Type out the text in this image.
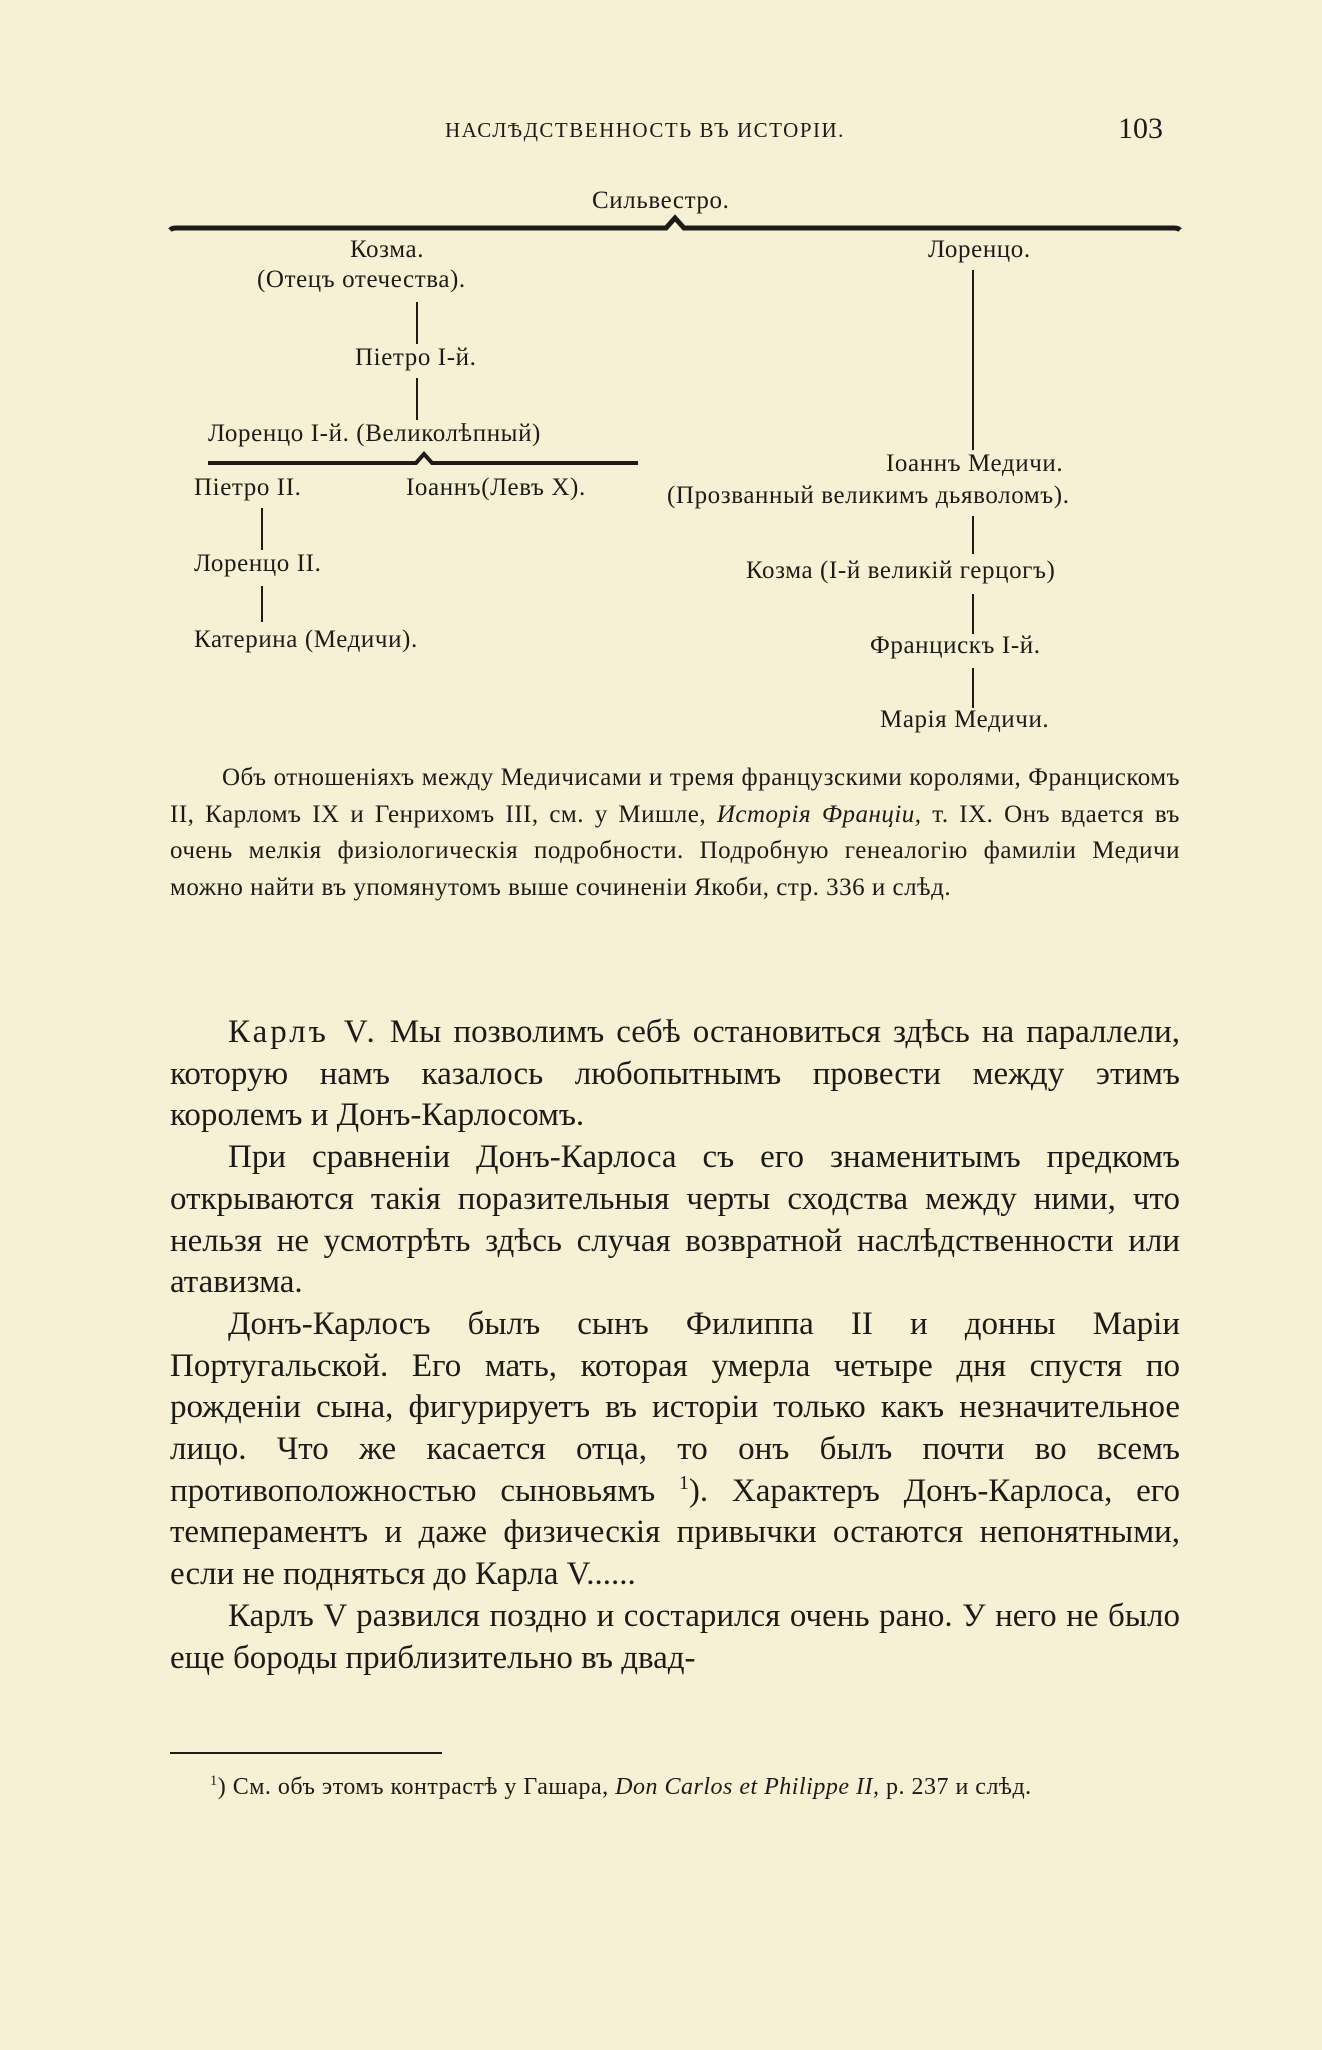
НАСЛѢДСТВЕННОСТЬ ВЪ ИСТОРІИ.	103
Сильвестро.
Козма.
(Отецъ отечества).
Піетро I-й.
Лоренцо I-й. (Великолѣпный)
Піетро II.	Іоаннъ(Левъ X).
Лоренцо II.
Катерина (Медичи).
Лоренцо.
Іоаннъ Медичи.
(Прозванный великимъ дьяволомъ).
Козма (I-й великій герцогъ)
Францискъ I-й.
Марія Медичи.

Объ отношеніяхъ между Медичисами и тремя французскими королями, Францискомъ II, Карломъ IX и Генрихомъ III, см. у Мишле, Исторія Франціи, т. IX. Онъ вдается въ очень мелкія физіологическія подробности. Подробную генеалогію фамиліи Медичи можно найти въ упомянутомъ выше сочиненіи Якоби, стр. 336 и слѣд.

Карлъ V. Мы позволимъ себѣ остановиться здѣсь на параллели, которую намъ казалось любопытнымъ провести между этимъ королемъ и Донъ-Карлосомъ.

При сравненіи Донъ-Карлоса съ его знаменитымъ предкомъ открываются такія поразительныя черты сходства между ними, что нельзя не усмотрѣть здѣсь случая возвратной наслѣдственности или атавизма.

Донъ-Карлосъ былъ сынъ Филиппа II и донны Маріи Португальской. Его мать, которая умерла четыре дня спустя по рожденіи сына, фигурируетъ въ исторіи только какъ незначительное лицо. Что же касается отца, то онъ былъ почти во всемъ противоположностью сыновьямъ $^1$). Характеръ Донъ-Карлоса, его темпераментъ и даже физическія привычки остаются непонятными, если не подняться до Карла V......

Карлъ V развился поздно и состарился очень рано. У него не было еще бороды приблизительно въ двад-

$^1$) См. объ этомъ контрастѣ у Гашара, Don Carlos et Philippe II, p. 237 и слѣд.
